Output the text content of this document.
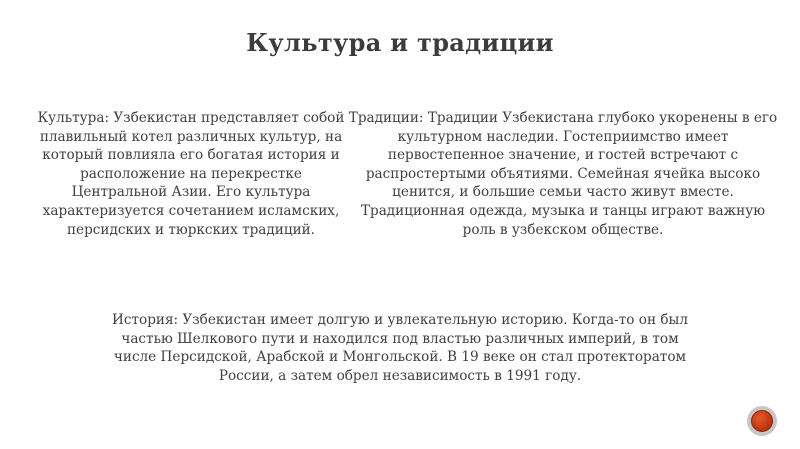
Культура и традиции
Культура: Узбекистан представляет собой плавильный котел различных культур, на который повлияла его богатая история и расположение на перекрестке Центральной Азии. Его культура характеризуется сочетанием исламских, персидских и тюркских традиций.
Традиции: Традиции Узбекистана глубоко укоренены в его культурном наследии. Гостеприимство имеет первостепенное значение, и гостей встречают с распростертыми объятиями. Семейная ячейка высоко ценится, и большие семьи часто живут вместе. Традиционная одежда, музыка и танцы играют важную роль в узбекском обществе.
История: Узбекистан имеет долгую и увлекательную историю. Когда-то он был частью Шелкового пути и находился под властью различных империй, в том числе Персидской, Арабской и Монгольской. В 19 веке он стал протекторатом России, а затем обрел независимость в 1991 году.
